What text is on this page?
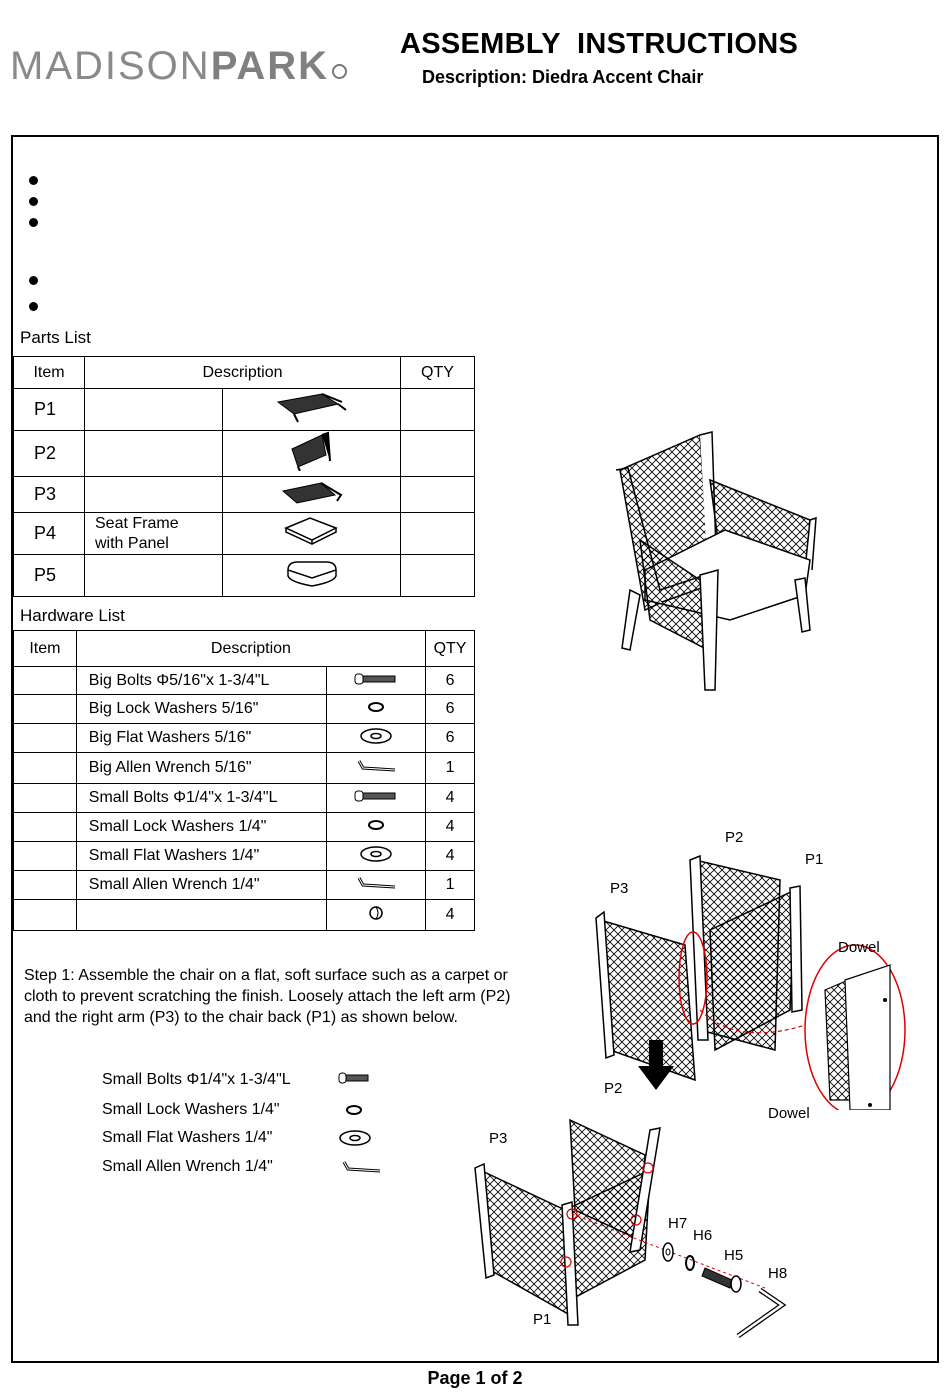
MADISONPARK	ASSEMBLY  INSTRUCTIONS
Description: Diedra Accent Chair
Parts List
Item	Description		QTY
P1			
P2			
P3			
P4	Seat Frame
with Panel		
P5			
Hardware List
Item	Description		QTY
	Big Bolts Φ5/16"x 1-3/4"L		6
	Big Lock Washers 5/16"		6
	Big Flat Washers 5/16"		6
	Big Allen Wrench 5/16"		1
	Small Bolts Φ1/4"x 1-3/4"L		4
	Small Lock Washers 1/4"		4
	Small Flat Washers 1/4"		4
	Small Allen Wrench 1/4"		1
			4
Step 1: Assemble the chair on a flat, soft surface such as a carpet or cloth to prevent scratching the finish. Loosely attach the left arm (P2) and the right arm (P3) to the chair back (P1) as shown below.
Small Bolts Φ1/4"x 1-3/4"L
Small Lock Washers 1/4"
Small Flat Washers 1/4"
Small Allen Wrench 1/4"
P2
P1
P3
Dowel
Dowel
P2
P3
P1
H7
H6
H5
H8
Page 1 of 2
